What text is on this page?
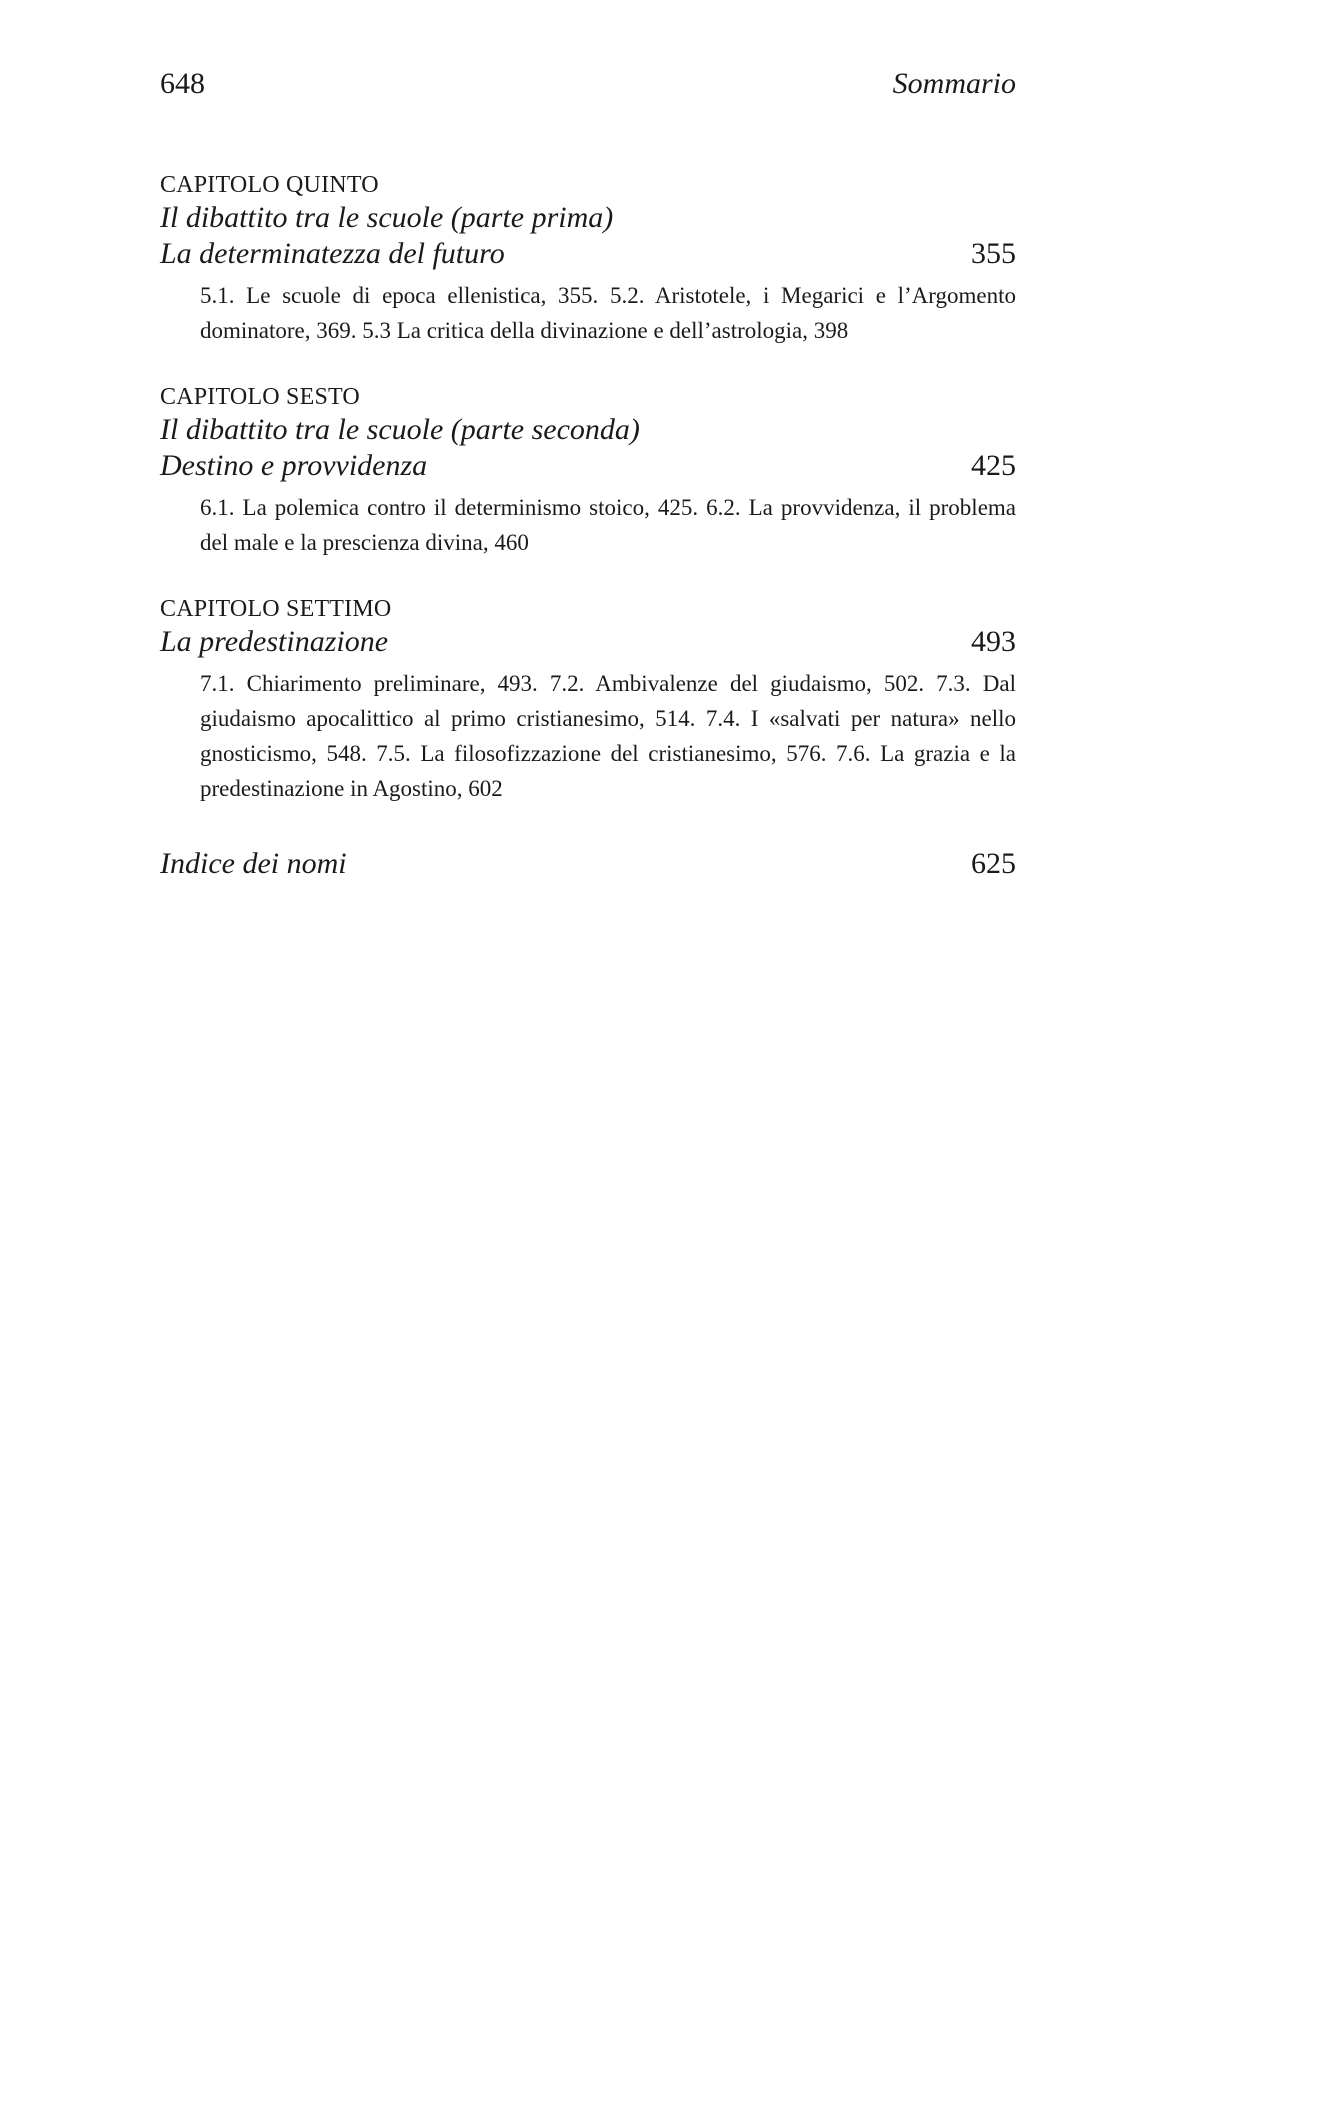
648	Sommario

CAPITOLO QUINTO

Il dibattito tra le scuole (parte prima)

La determinatezza del futuro	355
5.1. Le scuole di epoca ellenistica, 355. 5.2. Aristotele, i Megarici e l’Argomento dominatore, 369. 5.3 La critica della divinazione e dell’astrologia, 398

CAPITOLO SESTO

Il dibattito tra le scuole (parte seconda)

Destino e provvidenza	425
6.1. La polemica contro il determinismo stoico, 425. 6.2. La provvidenza, il problema del male e la prescienza divina, 460

CAPITOLO SETTIMO

La predestinazione	493
7.1. Chiarimento preliminare, 493. 7.2. Ambivalenze del giudaismo, 502. 7.3. Dal giudaismo apocalittico al primo cristianesimo, 514. 7.4. I «salvati per natura» nello gnosticismo, 548. 7.5. La filosofizzazione del cristianesimo, 576. 7.6. La grazia e la predestinazione in Agostino, 602
Indice dei nomi	625
